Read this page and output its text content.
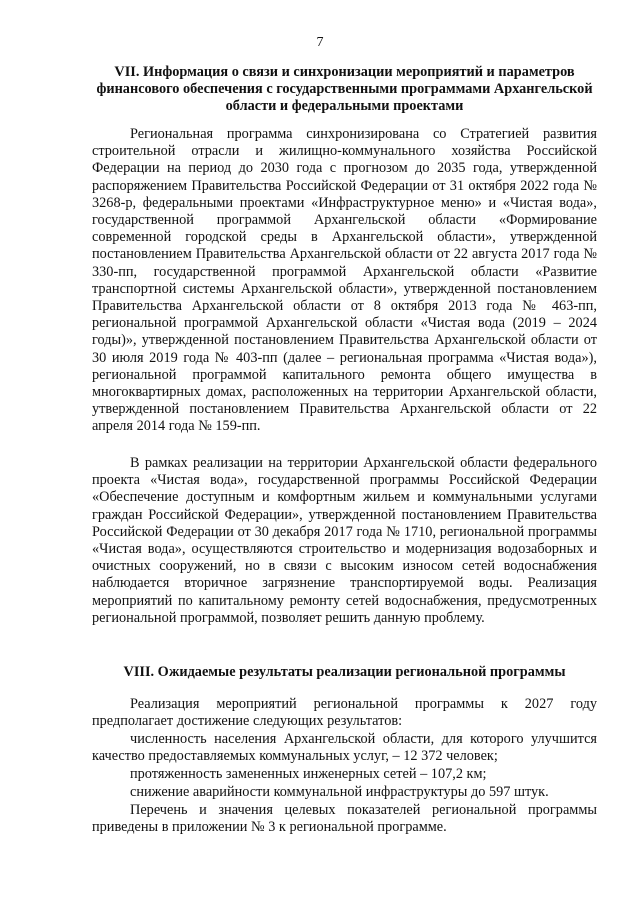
7
VII. Информация о связи и синхронизации мероприятий и параметров финансового обеспечения с государственными программами Архангельской области и федеральными проектами

Региональная программа синхронизирована со Стратегией развития строительной отрасли и жилищно-коммунального хозяйства Российской Федерации на период до 2030 года с прогнозом до 2035 года, утвержденной распоряжением Правительства Российской Федерации от 31 октября 2022 года № 3268-р, федеральными проектами «Инфраструктурное меню» и «Чистая вода», государственной программой Архангельской области «Формирование современной городской среды в Архангельской области», утвержденной постановлением Правительства Архангельской области от 22 августа 2017 года № 330-пп, государственной программой Архангельской области «Развитие транспортной системы Архангельской области», утвержденной постановлением Правительства Архангельской области от 8 октября 2013 года № 463-пп, региональной программой Архангельской области «Чистая вода (2019 – 2024 годы)», утвержденной постановлением Правительства Архангельской области от 30 июля 2019 года № 403-пп (далее – региональная программа «Чистая вода»), региональной программой капитального ремонта общего имущества в многоквартирных домах, расположенных на территории Архангельской области, утвержденной постановлением Правительства Архангельской области от 22 апреля 2014 года № 159-пп.

В рамках реализации на территории Архангельской области федерального проекта «Чистая вода», государственной программы Российской Федерации «Обеспечение доступным и комфортным жильем и коммунальными услугами граждан Российской Федерации», утвержденной постановлением Правительства Российской Федерации от 30 декабря 2017 года № 1710, региональной программы «Чистая вода», осуществляются строительство и модернизация водозаборных и очистных сооружений, но в связи с высоким износом сетей водоснабжения наблюдается вторичное загрязнение транспортируемой воды. Реализация мероприятий по капитальному ремонту сетей водоснабжения, предусмотренных региональной программой, позволяет решить данную проблему.

VIII. Ожидаемые результаты реализации региональной программы

Реализация мероприятий региональной программы к 2027 году предполагает достижение следующих результатов:

численность населения Архангельской области, для которого улучшится качество предоставляемых коммунальных услуг, – 12 372 человек;

протяженность замененных инженерных сетей – 107,2 км;

снижение аварийности коммунальной инфраструктуры до 597 штук.

Перечень и значения целевых показателей региональной программы приведены в приложении № 3 к региональной программе.
